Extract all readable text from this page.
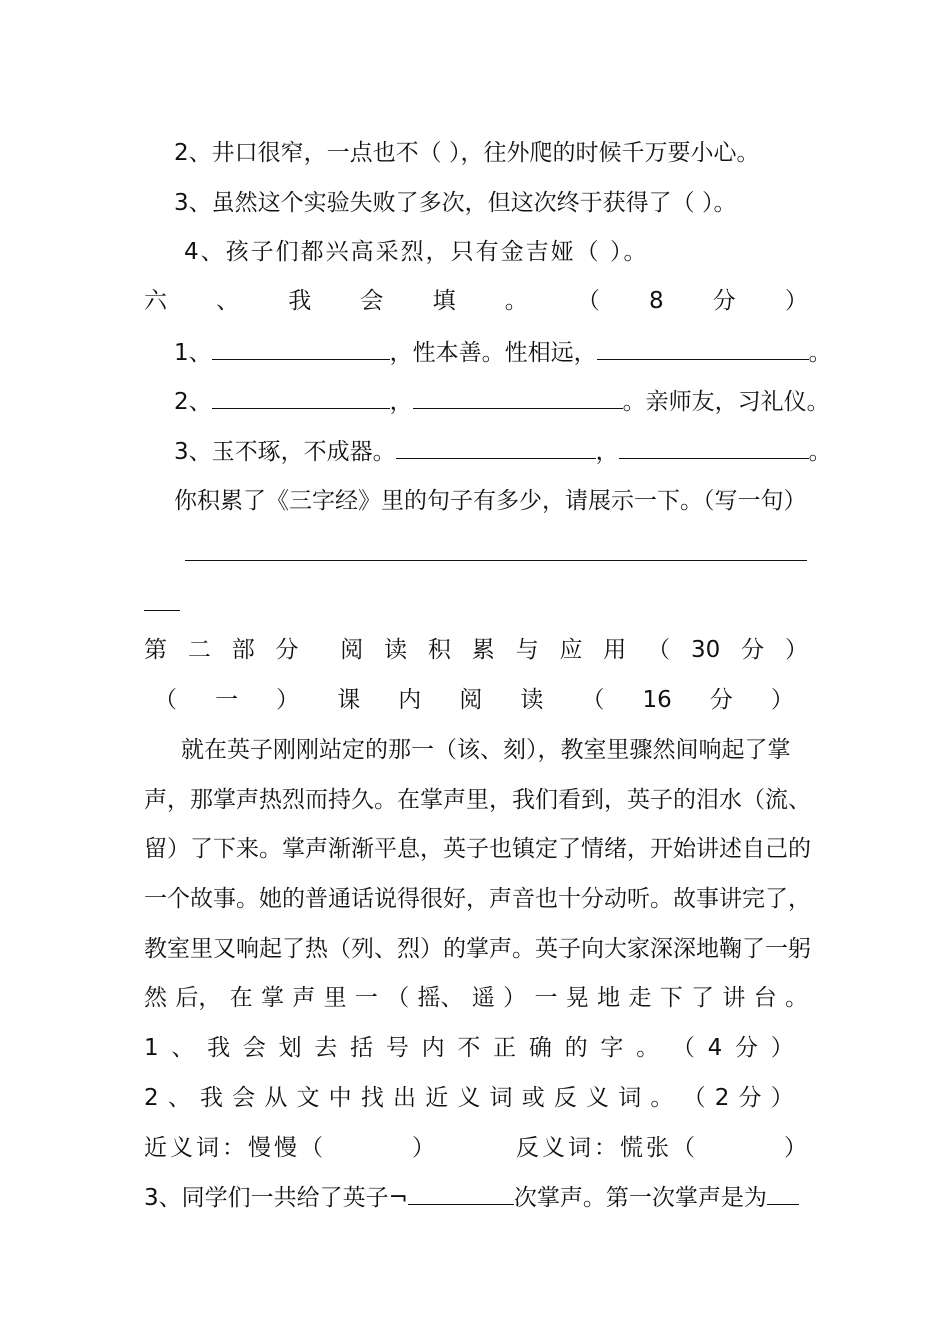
2、井口很窄，一点也不（ ），往外爬的时候千万要小心。
3、虽然这个实验失败了多次，但这次终于获得了（ ）。
4、孩子们都兴高采烈，只有金吉娅（ ）。
六 、 我 会 填 。 （ 8 分 ）
1、	，性本善。性相远，	。
2、	，	。亲师友，习礼仪。
3、玉不琢，不成器。	，	。
你积累了《三字经》里的句子有多少，请展示一下。（写一句）
第 二 部 分 阅 读 积 累 与 应 用 （ 30 分 ）
（ 一 ） 课 内 阅 读 （ 16 分 ）
就在英子刚刚站定的那一（该、刻），教室里骤然间响起了掌
声，那掌声热烈而持久。在掌声里，我们看到，英子的泪水（流、
留）了下来。掌声渐渐平息，英子也镇定了情绪，开始讲述自己的
一个故事。她的普通话说得很好，声音也十分动听。故事讲完了，
教室里又响起了热（列、烈）的掌声。英子向大家深深地鞠了一躬
然 后， 在 掌 声 里 一 （ 摇、 遥 ） 一 晃 地 走 下 了 讲 台 。
1 、 我 会 划 去 括 号 内 不 正 确 的 字 。 （ 4 分 ）
2 、 我 会 从 文 中 找 出 近 义 词 或 反 义 词 。 （ 2 分 ）
近义词：慢慢（	）	反义词：慌张（	）
3、同学们一共给了英子¬	次掌声。第一次掌声是为
